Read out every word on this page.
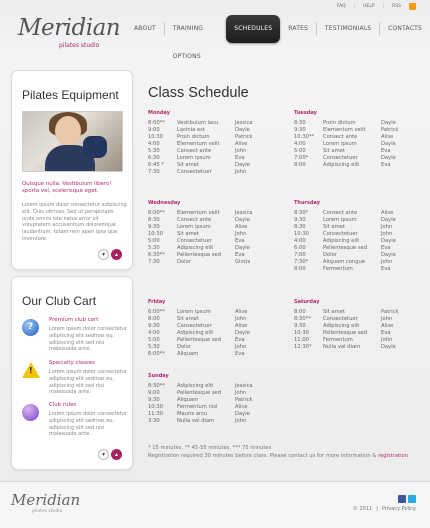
FAQ | HELP | RSS
Meridian
pilates studio
ABOUT	TRAINING OPTIONS
SCHEDULES	RATES	TESTIMONIALS	CONTACTS
Pilates Equipment
Quisque nulla. Vestibulum libero! sporta vel, scelerisque eget.
Lorem ipsum dolor consectetur adipiscing elit. Duis ultrices. Sed ut perspiciatis unde omnis iste natus error sit voluptatem accusantium doloremque laudantium, totam rem aperi ipsa que inventore.
▾	▴
Our Club Cart
?
Premium club cart
Lorem ipsum dolor consectetur adipiscing elit sedmas eu, adipiscing elit sed nisi malesuada ante.
!
Specialty classes
Lorem ipsum dolor consectetur adipiscing elit sedmas eu, adipiscing elit sed nisi malesuada ante.
Club rules
Lorem ipsum dolor consectetur adipiscing elit sedmas eu, adipiscing elit sed nisi malesuada ante.
▾	▴
Class Schedule
Monday
8:00**	Vestibulum lacu	Jessica
9:00	Lacinia est	Dayle
10:30	Proin dictum	Patrick
4:00	Elementum velit	Alise
5:30	Consect ante	John
6:30	Lorem ipsum	Eva
6:45 *	Sit amet	Dayle
7:30	Consectetuer	John
Tuesday
8:30	Proin dictum	Dayle
9:30	Elementum velit	Patrick
10:30**	Consect ante	Alise
4:00	Lorem ipsum	Dayle
5:00	Sit amet	Eva
7:00*	Consectetuer	Dayle
8:00	Adipiscing elit	Eva
Wednesday
8:00**	Elementum velit	Jessica
8:30	Consect ante	Dayle
9:30	Lorem ipsum	Alise
10:30	Sit amet	John
5:00	Consectetuer	Eva
5:30	Adipiscing elit	Dayle
6:30**	Pellentesque sed	Eva
7:30	Dolor	Gloria
Thursday
8:30*	Consect ante	Alise
9:30	Lorem ipsum	Dayle
8:30	Sit amet	John
10:30	Consectetuer	John
4:00	Adipiscing elit	Dayle
6:00	Pellentesque sed	Eva
7:00	Dolor	Dayle
7:30*	Aliquam congue	John
8:00	Fermentum	Eva
Friday
6:00**	Lorem ipsum	Alise
8:00	Sit amet	John
9:30	Consectetuer	Alise
4:00	Adipiscing elit	Dayle
5:00	Pellentesque sed	Eva
5:30	Dolor	John
6:00**	Aliquam	Eva
Saturday
8:00	Sit amet	Patrick
8:30**	Consectetuer	John
9:30	Adipiscing elit	Alise
10:30	Pellentesque sed	Eva
11:00	Fermentum	John
12:30*	Nulla vel diam	Dayle
Sunday
8:30**	Adipiscing elit	Jessica
9:00	Pellentesque sed	John
9:30	Aliquam	Patrick
10:30	Fermentum nisl	Alice
11:30	Mauris arcu	Dayle
3:30	Nulla vel diam	John
* 15 minutes, ** 45-55 minutes, *** 75 minutes
Registration required 30 minutes before class. Please contact us for more information & registration
Meridian
pilates studio	© 2011 | Privacy Policy
